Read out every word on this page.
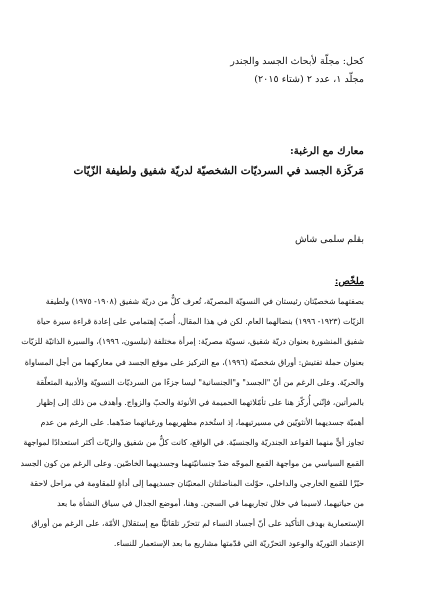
كحل: مجلّة لأبحاث الجسد والجندر
مجلّد ١، عدد ٢ (شتاء ٢٠١٥)
معارك مع الرغبة:
مَركَزة الجسد في السرديّات الشخصيّة لدريّة شفيق ولطيفة الزّيّات
بقلم سلمى شاش
ملخّص:
بصفتهما شخصيّتان رئيستان في النسويّة المصريّة، تُعرف كلٌّ من دريّة شفيق (١٩٠٨- ١٩٧٥) ولطيفة
الزيّات (١٩٢٣- ١٩٩٦) بنضالهما العام. لكن في هذا المقال، أُصبّ إهتمامي على إعادة قراءة سيرة حياة
شفيق المنشورة بعنوان دريّة شفيق، نسويّة مصريّة: إمرأة مختلفة (نيلسون، ١٩٩٦)، والسيرة الذاتيّة للزيّات
بعنوان حملة تفتيش: أوراق شخصيّة (١٩٩٦)، مع التركيز على موقع الجسد في معاركهما من أجل المساواة
والحريّة. وعلى الرغم من أنّ "الجسد" و"الجنسانية" ليسا جزءًا من السرديّات النسويّة والأدبية المتعلّقة
بالمرأتين، فإنّني أُركّز هنا على تأمّلاتهما الحميمة في الأنوثة والحبّ والزواج. وأهدف من ذلك إلى إظهار
أهميّة جسديهما الأنثويّين في مسيرتيهما، إذ استُخدم مظهريهما ورغباتهما ضدّهما. على الرغم من عدم
تجاوز أيٍّ منهما القواعد الجندريّة والجنسيّة. في الواقع، كانت كلٌّ من شفيق والزيّات أكثر استعدادًا لمواجهة
القمع السياسي من مواجهة القمع الموجّه ضدّ جنسانيّتهما وجسديهما الخاصّين. وعلى الرغم من كون الجسد
حيّزًا للقمع الخارجي والداخلي، حوّلت المناضلتان المعنيّتان جسديهما إلى أداةٍ للمقاومة في مراحل لاحقة
من حياتيهما، لاسيما في خلال تجاربهما في السجن. وهنا، أموضع الجدال في سياق النشأة ما بعد
الإستعمارية بهدف التأكيد على أنّ أجساد النساء لم تتحرّر تلقائيًّا مع إستقلال الأمّة، على الرغم من أوراق
الإعتماد الثوريّة والوعود التحرّريّة التي قدّمتها مشاريع ما بعد الإستعمار للنساء.
